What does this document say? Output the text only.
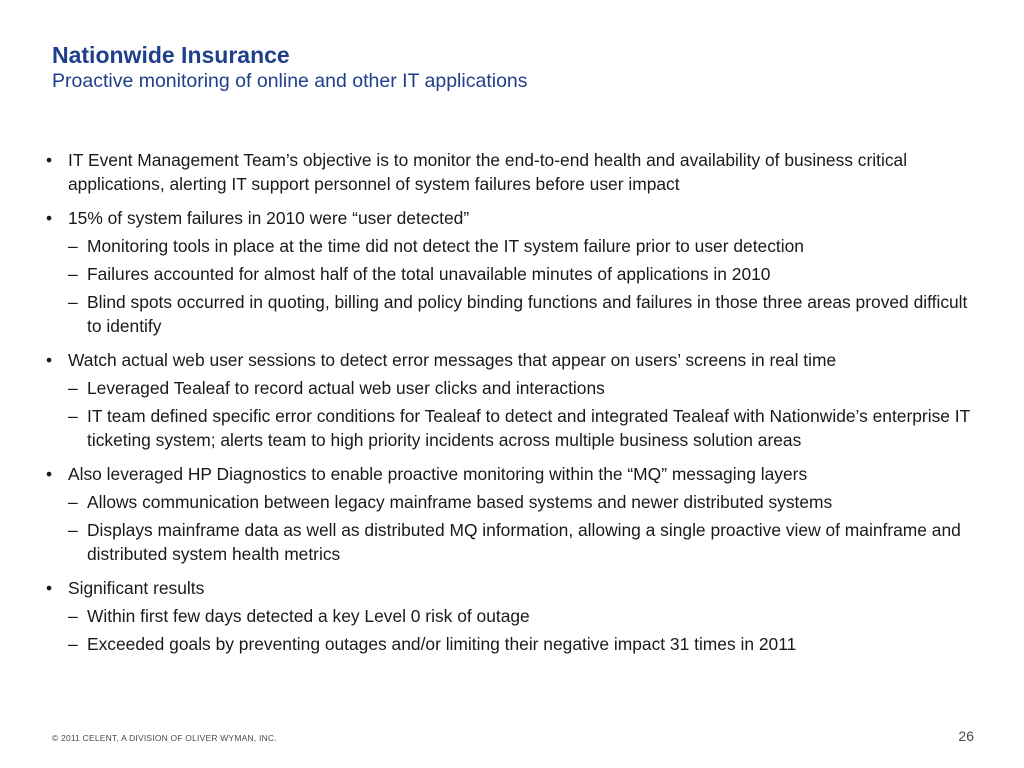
Nationwide Insurance
Proactive monitoring of online and other IT applications
• IT Event Management Team’s objective is to monitor the end-to-end health and availability of business critical applications, alerting IT support personnel of system failures before user impact
• 15% of system failures in 2010 were “user detected”
– Monitoring tools in place at the time did not detect the IT system failure prior to user detection
– Failures accounted for almost half of the total unavailable minutes of applications in 2010
– Blind spots occurred in quoting, billing and policy binding functions and failures in those three areas proved difficult to identify
• Watch actual web user sessions to detect error messages that appear on users’ screens in real time
– Leveraged Tealeaf to record actual web user clicks and interactions
– IT team defined specific error conditions for Tealeaf to detect and integrated Tealeaf with Nationwide’s enterprise IT ticketing system; alerts team to high priority incidents across multiple business solution areas
• Also leveraged HP Diagnostics to enable proactive monitoring within the “MQ” messaging layers
– Allows communication between legacy mainframe based systems and newer distributed systems
– Displays mainframe data as well as distributed MQ information, allowing a single proactive view of mainframe and distributed system health metrics
• Significant results
– Within first few days detected a key Level 0 risk of outage
– Exceeded goals by preventing outages and/or limiting their negative impact 31 times in 2011
© 2011 CELENT, A DIVISION OF OLIVER WYMAN, INC.	26
